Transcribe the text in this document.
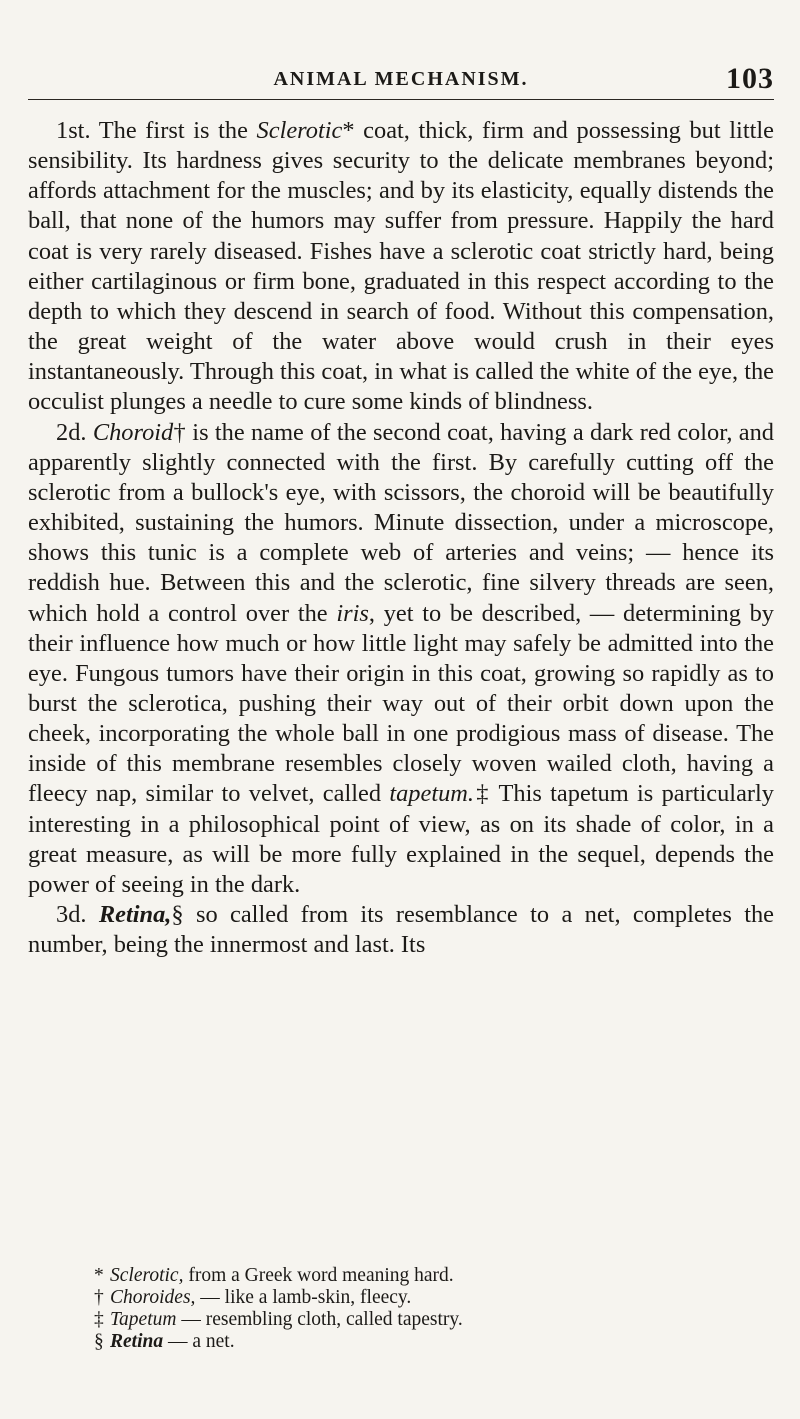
ANIMAL MECHANISM.	103

1st. The first is the Sclerotic* coat, thick, firm and possessing but little sensibility. Its hardness gives security to the delicate membranes beyond; affords attachment for the muscles; and by its elasticity, equally distends the ball, that none of the humors may suffer from pressure. Happily the hard coat is very rarely diseased. Fishes have a sclerotic coat strictly hard, being either cartilaginous or firm bone, graduated in this respect according to the depth to which they descend in search of food. Without this compensation, the great weight of the water above would crush in their eyes instantaneously. Through this coat, in what is called the white of the eye, the occulist plunges a needle to cure some kinds of blindness.

2d. Choroid† is the name of the second coat, having a dark red color, and apparently slightly connected with the first. By carefully cutting off the sclerotic from a bullock's eye, with scissors, the choroid will be beautifully exhibited, sustaining the humors. Minute dissection, under a microscope, shows this tunic is a complete web of arteries and veins; — hence its reddish hue. Between this and the sclerotic, fine silvery threads are seen, which hold a control over the iris, yet to be described, — determining by their influence how much or how little light may safely be admitted into the eye. Fungous tumors have their origin in this coat, growing so rapidly as to burst the sclerotica, pushing their way out of their orbit down upon the cheek, incorporating the whole ball in one prodigious mass of disease. The inside of this membrane resembles closely woven wailed cloth, having a fleecy nap, similar to velvet, called tapetum.‡ This tapetum is particularly interesting in a philosophical point of view, as on its shade of color, in a great measure, as will be more fully explained in the sequel, depends the power of seeing in the dark.

3d. Retina,§ so called from its resemblance to a net, completes the number, being the innermost and last. Its

* Sclerotic, from a Greek word meaning hard.

† Choroides, — like a lamb-skin, fleecy.

‡ Tapetum — resembling cloth, called tapestry.

§ Retina — a net.
